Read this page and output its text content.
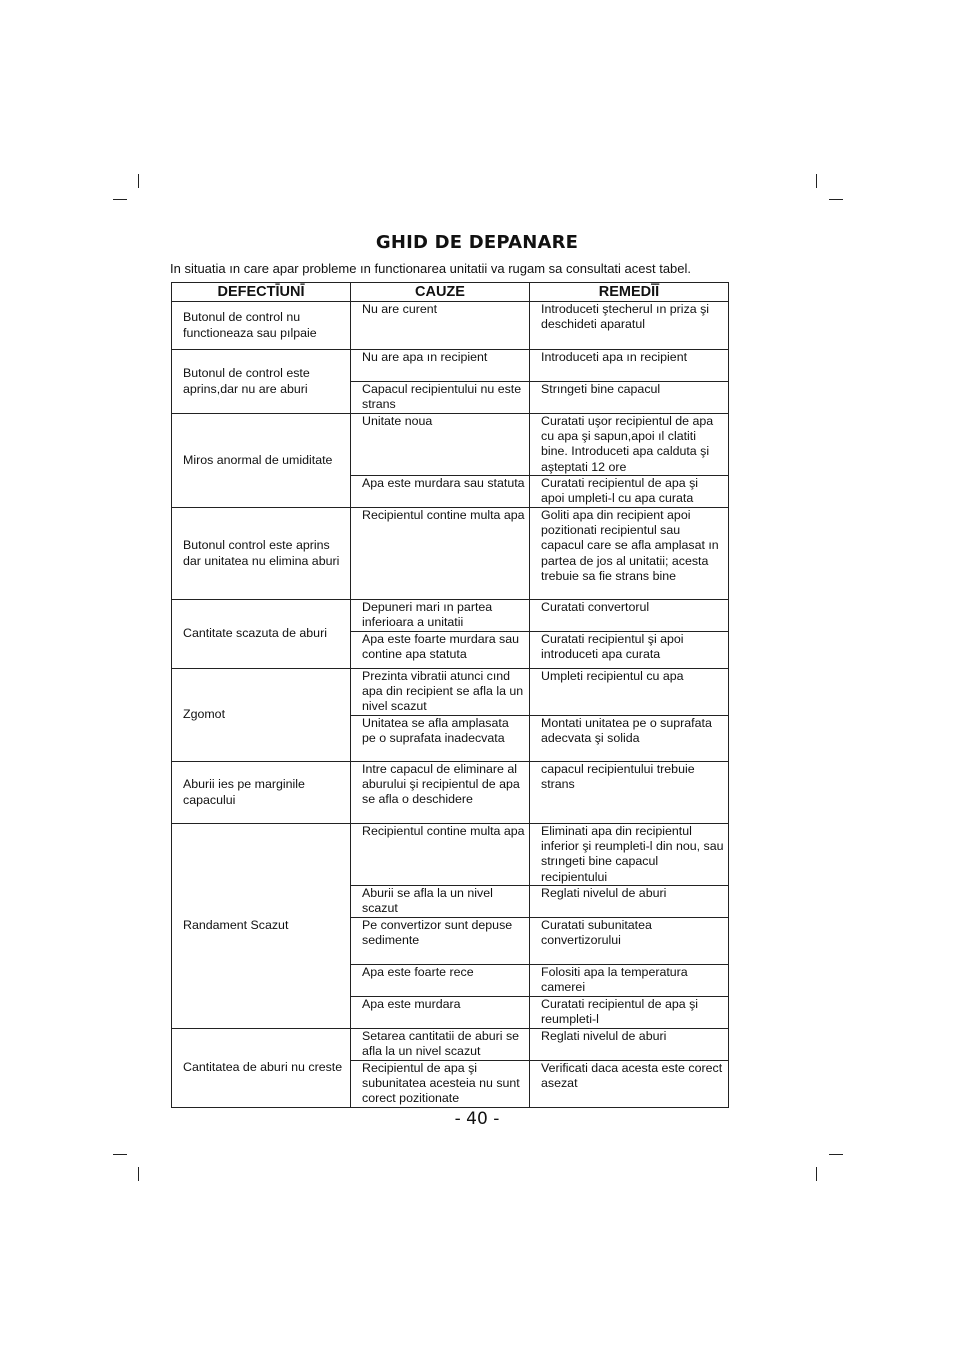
GHID DE DEPANARE
In situatia ın care apar probleme ın functionarea unitatii va rugam sa consultati acest tabel.
DEFECTĪUNĪ	CAUZE	REMEDĪĪ
Butonul de control nu functioneaza sau pılpaie	Nu are curent	Introduceti ştecherul ın priza şi deschideti aparatul
Butonul de control este aprins,dar nu are aburi	Nu are apa ın recipient	Introduceti apa ın recipient
	Capacul recipientului nu este strans	Strıngeti bine capacul
Miros anormal de umiditate	Unitate noua	Curatati uşor recipientul de apa cu apa şi sapun,apoi ıl clatiti bine. Introduceti apa calduta şi aşteptati 12 ore
	Apa este murdara sau statuta	Curatati recipientul de apa şi apoi umpleti-l cu apa curata
Butonul control este aprins dar unitatea nu elimina aburi	Recipientul contine multa apa	Goliti apa din recipient apoi pozitionati recipientul sau capacul care se afla amplasat ın partea de jos al unitatii; acesta trebuie sa fie strans bine
Cantitate scazuta de aburi	Depuneri mari ın partea inferioara a unitatii	Curatati convertorul
	Apa este foarte murdara sau contine apa statuta	Curatati recipientul şi apoi introduceti apa curata
Zgomot	Prezinta vibratii atunci cınd apa din recipient se afla la un nivel scazut	Umpleti recipientul cu apa
	Unitatea se afla amplasata pe o suprafata inadecvata	Montati unitatea pe o suprafata adecvata şi solida
Aburii ies pe marginile capacului	Intre capacul de eliminare al aburului şi recipientul de apa se afla o deschidere	capacul recipientului trebuie strans
Randament Scazut	Recipientul contine multa apa	Eliminati apa din recipientul inferior şi reumpleti-l din nou, sau strıngeti bine capacul recipientului
	Aburii se afla la un nivel scazut	Reglati nivelul de aburi
	Pe convertizor sunt depuse sedimente	Curatati subunitatea convertizorului
	Apa este foarte rece	Folositi apa la temperatura camerei
	Apa este murdara	Curatati recipientul de apa şi reumpleti-l
Cantitatea de aburi nu creste	Setarea cantitatii de aburi se afla la un nivel scazut	Reglati nivelul de aburi
	Recipientul de apa şi subunitatea acesteia nu sunt corect pozitionate	Verificati daca acesta este corect asezat
- 40 -
